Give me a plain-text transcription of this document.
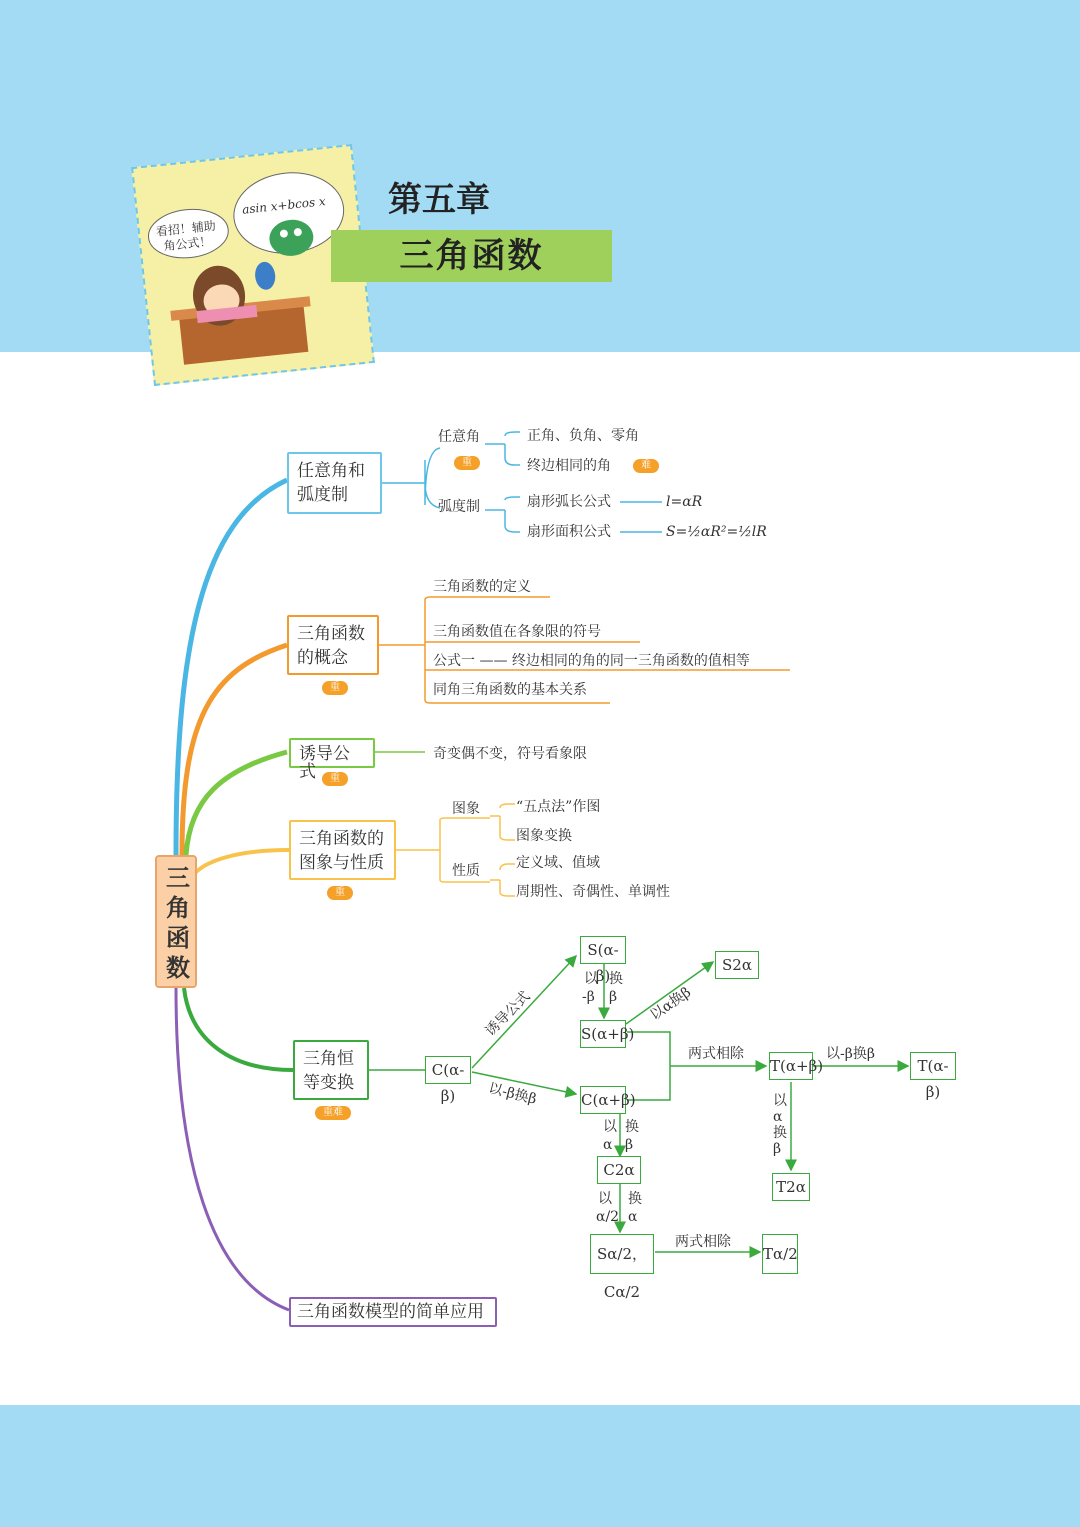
看招！辅助
角公式！
asin x+bcos x 第五章
三角函数
三角函数
任意角和
弧度制
任意角
重
正角、负角、零角
终边相同的角	难
弧度制	扇形弧长公式
扇形面积公式
l=αR
S=½αR²=½lR
三角函数
的概念
重
三角函数的定义
三角函数值在各象限的符号
公式一 —— 终边相同的角的同一三角函数的值相等
同角三角函数的基本关系
诱导公式	重
奇变偶不变，符号看象限
三角函数的
图象与性质
重
图象
性质
“五点法”作图
图象变换
定义域、值域
周期性、奇偶性、单调性
三角恒
等变换
重难
C(α-β)
S(α-β)
S(α+β)
C(α+β)
S2α
C2α
Sα/2，Cα/2
T(α+β)	T(α-β)
T2α
Tα/2
诱导公式
以-β换β
以α换β
两式相除	以-β换β
两式相除
以
-β
换
β
以
α
换
β
以
α/2
换
α
以
α
换
β
三角函数模型的简单应用
